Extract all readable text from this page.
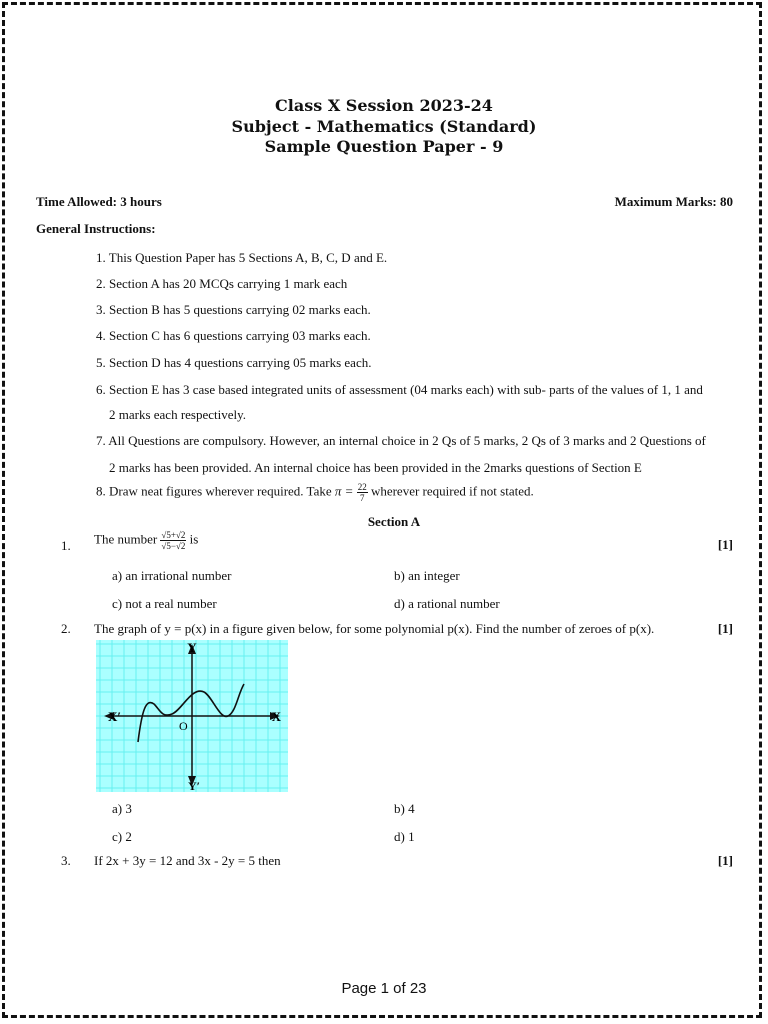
Class X Session 2023-24
Subject - Mathematics (Standard)
Sample Question Paper - 9
Time Allowed: 3 hours	Maximum Marks: 80
General Instructions:
1. This Question Paper has 5 Sections A, B, C, D and E.
2. Section A has 20 MCQs carrying 1 mark each
3. Section B has 5 questions carrying 02 marks each.
4. Section C has 6 questions carrying 03 marks each.
5. Section D has 4 questions carrying 05 marks each.
6. Section E has 3 case based integrated units of assessment (04 marks each) with sub- parts of the values of 1, 1 and
2 marks each respectively.
7. All Questions are compulsory. However, an internal choice in 2 Qs of 5 marks, 2 Qs of 3 marks and 2 Questions of
2 marks has been provided. An internal choice has been provided in the 2marks questions of Section E
8. Draw neat figures wherever required. Take $\pi = \frac{22}{7}$ wherever required if not stated.
Section A
1. The number $\frac{√5+√2}{√5-√2}$ is	[1]
a) an irrational number	b) an integer
c) not a real number	d) a rational number
2. The graph of y = p(x) in a figure given below, for some polynomial p(x). Find the number of zeroes of p(x).	[1]
Y
Y′
X
X′
O
a) 3	b) 4
c) 2	d) 1
3. If 2x + 3y = 12 and 3x - 2y = 5 then	[1]
Page 1 of 23
